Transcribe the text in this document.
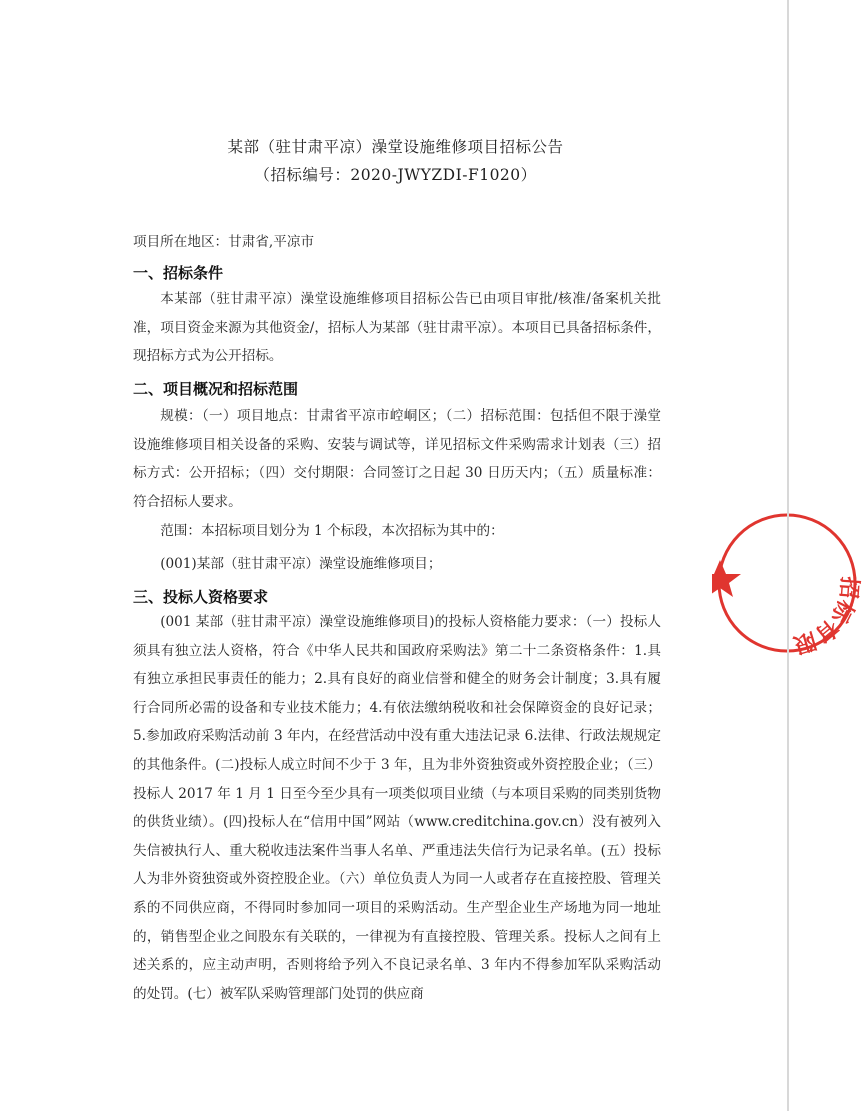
某部（驻甘肃平凉）澡堂设施维修项目招标公告
（招标编号：2020-JWYZDI-F1020）

项目所在地区：甘肃省,平凉市

一、招标条件

本某部（驻甘肃平凉）澡堂设施维修项目招标公告已由项目审批/核准/备案机关批准，项目资金来源为其他资金/，招标人为某部（驻甘肃平凉）。本项目已具备招标条件，现招标方式为公开招标。

二、项目概况和招标范围

规模：（一）项目地点：甘肃省平凉市崆峒区；（二）招标范围：包括但不限于澡堂设施维修项目相关设备的采购、安装与调试等，详见招标文件采购需求计划表（三）招标方式：公开招标；（四）交付期限：合同签订之日起 30 日历天内；（五）质量标准：符合招标人要求。

范围：本招标项目划分为 1 个标段，本次招标为其中的：

(001)某部（驻甘肃平凉）澡堂设施维修项目；

三、投标人资格要求

(001 某部（驻甘肃平凉）澡堂设施维修项目)的投标人资格能力要求：（一）投标人须具有独立法人资格，符合《中华人民共和国政府采购法》第二十二条资格条件：1.具有独立承担民事责任的能力；2.具有良好的商业信誉和健全的财务会计制度；3.具有履行合同所必需的设备和专业技术能力；4.有依法缴纳税收和社会保障资金的良好记录；5.参加政府采购活动前 3 年内，在经营活动中没有重大违法记录 6.法律、行政法规规定的其他条件。(二)投标人成立时间不少于 3 年，且为非外资独资或外资控股企业；（三）投标人 2017 年 1 月 1 日至今至少具有一项类似项目业绩（与本项目采购的同类别货物的供货业绩）。(四)投标人在“信用中国”网站（www.creditchina.gov.cn）没有被列入失信被执行人、重大税收违法案件当事人名单、严重违法失信行为记录名单。(五）投标人为非外资独资或外资控股企业。（六）单位负责人为同一人或者存在直接控股、管理关系的不同供应商，不得同时参加同一项目的采购活动。生产型企业生产场地为同一地址的，销售型企业之间股东有关联的，一律视为有直接控股、管理关系。投标人之间有上述关系的，应主动声明，否则将给予列入不良记录名单、3 年内不得参加军队采购活动的处罚。(七）被军队采购管理部门处罚的供应商

招标有限
